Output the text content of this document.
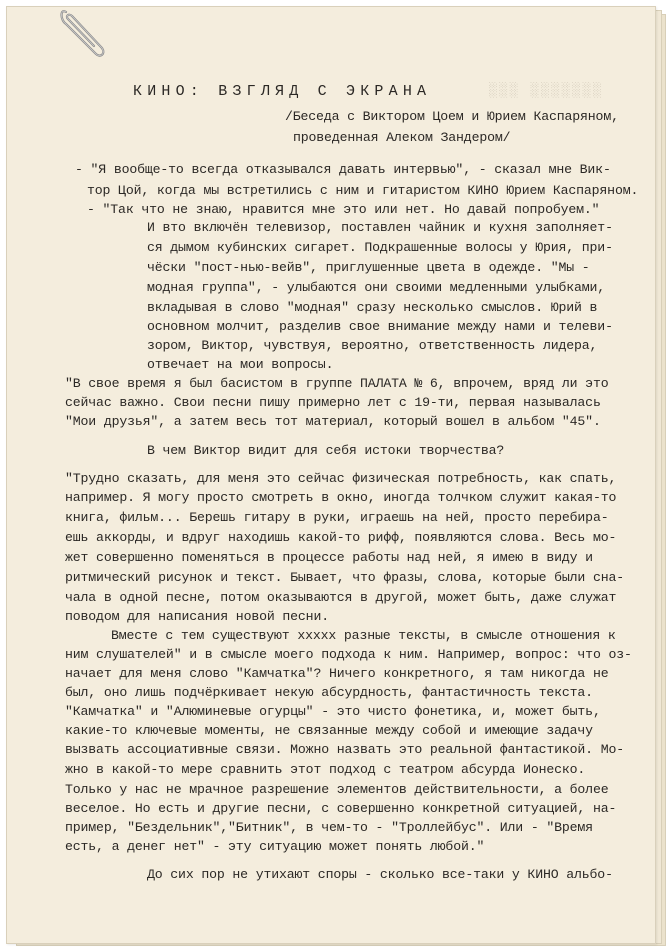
КИНО: ВЗГЛЯД С ЭКРАНА	░░░ ░░░░░░░
/Беседа с Виктором Цоем и Юрием Каспаряном,
проведенная Алеком Зандером/
- "Я вообще-то всегда отказывался давать интервью", - сказал мне Вик-
тор Цой, когда мы встретились с ним и гитаристом КИНО Юрием Каспаряном.
- "Так что не знаю, нравится мне это или нет. Но давай попробуем."
И вто включён телевизор, поставлен чайник и кухня заполняет-
ся дымом кубинских сигарет. Подкрашенные волосы у Юрия, при-
чёски "пост-нью-вейв", приглушенные цвета в одежде. "Мы -
модная группа", - улыбаются они своими медленными улыбками,
вкладывая в слово "модная" сразу несколько смыслов. Юрий в
основном молчит, разделив свое внимание между нами и телеви-
зором, Виктор, чувствуя, вероятно, ответственность лидера,
отвечает на мои вопросы.
"В свое время я был басистом в группе ПАЛАТА № 6, впрочем, вряд ли это
сейчас важно. Свои песни пишу примерно лет с 19-ти, первая называлась
"Мои друзья", а затем весь тот материал, который вошел в альбом "45".
В чем Виктор видит для себя истоки творчества?
"Трудно сказать, для меня это сейчас физическая потребность, как спать,
например. Я могу просто смотреть в окно, иногда толчком служит какая-то
книга, фильм... Берешь гитару в руки, играешь на ней, просто перебира-
ешь аккорды, и вдруг находишь какой-то рифф, появляются слова. Весь мо-
жет совершенно поменяться в процессе работы над ней, я имею в виду и
ритмический рисунок и текст. Бывает, что фразы, слова, которые были сна-
чала в одной песне, потом оказываются в другой, может быть, даже служат
поводом для написания новой песни.
Вместе с тем существуют xxxxx разные тексты, в смысле отношения к
ним слушателей" и в смысле моего подхода к ним. Например, вопрос: что оз-
начает для меня слово "Камчатка"? Ничего конкретного, я там никогда не
был, оно лишь подчёркивает некую абсурдность, фантастичность текста.
"Камчатка" и "Алюминевые огурцы" - это чисто фонетика, и, может быть,
какие-то ключевые моменты, не связанные между собой и имеющие задачу
вызвать ассоциативные связи. Можно назвать это реальной фантастикой. Мо-
жно в какой-то мере сравнить этот подход с театром абсурда Ионеско.
Только у нас не мрачное разрешение элементов действительности, а более
веселое. Но есть и другие песни, с совершенно конкретной ситуацией, на-
пример, "Бездельник","Битник", в чем-то - "Троллейбус". Или - "Время
есть, а денег нет" - эту ситуацию может понять любой."
До сих пор не утихают споры - сколько все-таки у КИНО альбо-
